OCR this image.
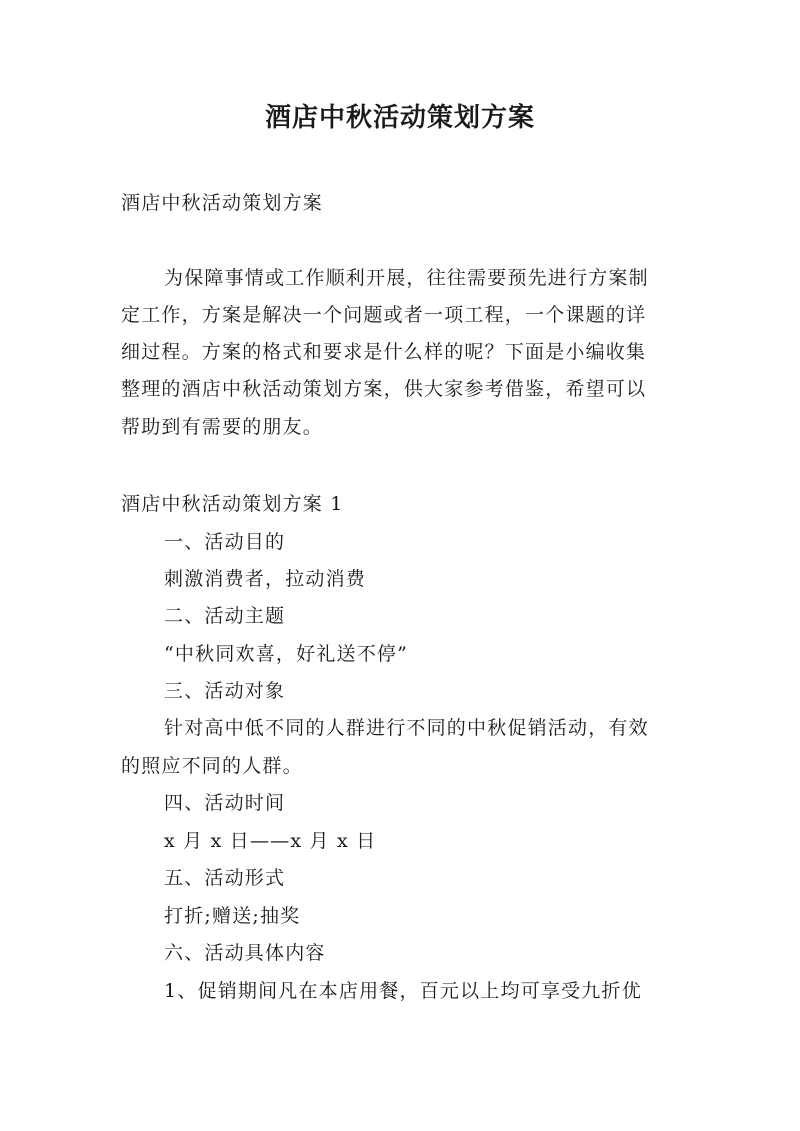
酒店中秋活动策划方案
酒店中秋活动策划方案
为保障事情或工作顺利开展，往往需要预先进行方案制
定工作，方案是解决一个问题或者一项工程，一个课题的详
细过程。方案的格式和要求是什么样的呢？下面是小编收集
整理的酒店中秋活动策划方案，供大家参考借鉴，希望可以
帮助到有需要的朋友。
酒店中秋活动策划方案 1
一、活动目的
刺激消费者，拉动消费
二、活动主题
“中秋同欢喜，好礼送不停”
三、活动对象
针对高中低不同的人群进行不同的中秋促销活动，有效
的照应不同的人群。
四、活动时间
x 月 x 日——x 月 x 日
五、活动形式
打折;赠送;抽奖
六、活动具体内容
1、促销期间凡在本店用餐，百元以上均可享受九折优
